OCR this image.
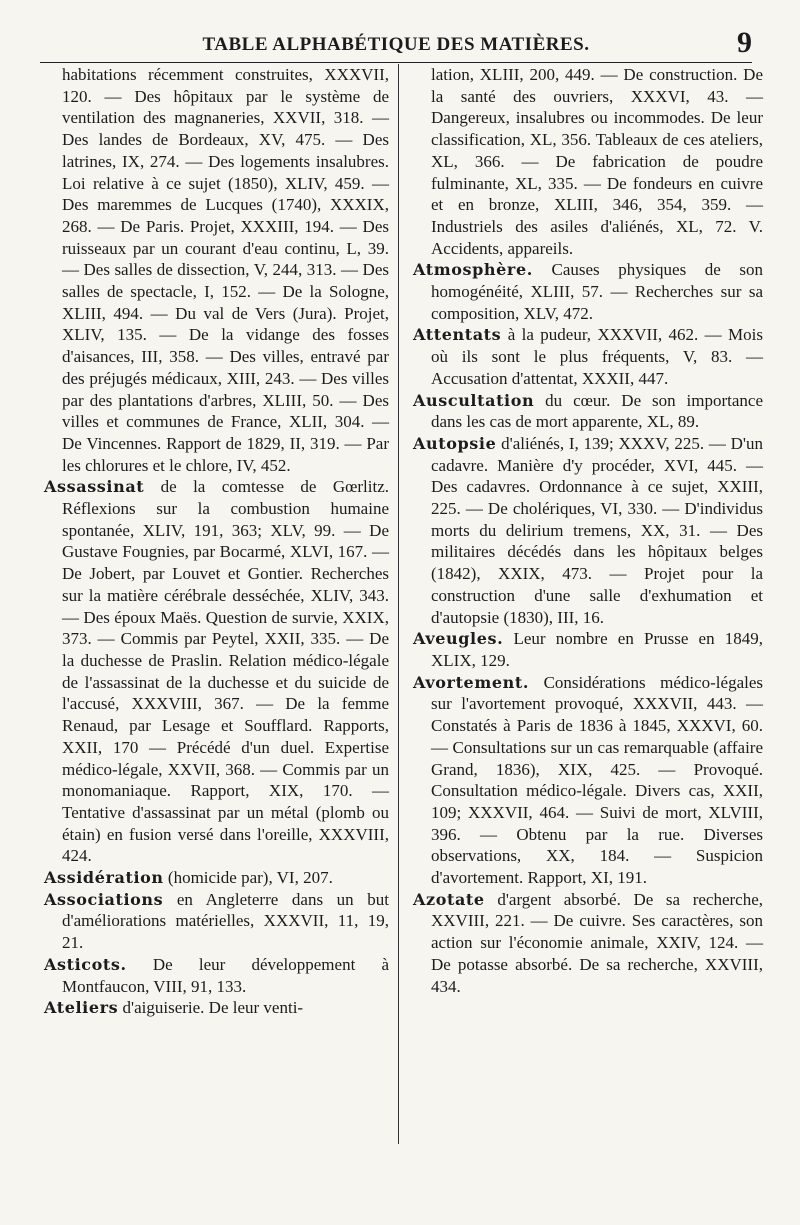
TABLE ALPHABÉTIQUE DES MATIÈRES.	9

habitations récemment construites, XXXVII, 120. — Des hôpitaux par le système de ventilation des magnaneries, XXVII, 318. — Des landes de Bordeaux, XV, 475. — Des latrines, IX, 274. — Des logements insalubres. Loi relative à ce sujet (1850), XLIV, 459. — Des maremmes de Lucques (1740), XXXIX, 268. — De Paris. Projet, XXXIII, 194. — Des ruisseaux par un courant d'eau continu, L, 39. — Des salles de dissection, V, 244, 313. — Des salles de spectacle, I, 152. — De la Sologne, XLIII, 494. — Du val de Vers (Jura). Projet, XLIV, 135. — De la vidange des fosses d'aisances, III, 358. — Des villes, entravé par des préjugés médicaux, XIII, 243. — Des villes par des plantations d'arbres, XLIII, 50. — Des villes et communes de France, XLII, 304. — De Vincennes. Rapport de 1829, II, 319. — Par les chlorures et le chlore, IV, 452.

Assassinat de la comtesse de Gœrlitz. Réflexions sur la combustion humaine spontanée, XLIV, 191, 363; XLV, 99. — De Gustave Fougnies, par Bocarmé, XLVI, 167. — De Jobert, par Louvet et Gontier. Recherches sur la matière cérébrale desséchée, XLIV, 343. — Des époux Maës. Question de survie, XXIX, 373. — Commis par Peytel, XXII, 335. — De la duchesse de Praslin. Relation médico-légale de l'assassinat de la duchesse et du suicide de l'accusé, XXXVIII, 367. — De la femme Renaud, par Lesage et Soufflard. Rapports, XXII, 170 — Précédé d'un duel. Expertise médico-légale, XXVII, 368. — Commis par un monomaniaque. Rapport, XIX, 170. — Tentative d'assassinat par un métal (plomb ou étain) en fusion versé dans l'oreille, XXXVIII, 424.

Assidération (homicide par), VI, 207.

Associations en Angleterre dans un but d'améliorations matérielles, XXXVII, 11, 19, 21.

Asticots. De leur développement à Montfaucon, VIII, 91, 133.

Ateliers d'aiguiserie. De leur venti-

lation, XLIII, 200, 449. — De construction. De la santé des ouvriers, XXXVI, 43. — Dangereux, insalubres ou incommodes. De leur classification, XL, 356. Tableaux de ces ateliers, XL, 366. — De fabrication de poudre fulminante, XL, 335. — De fondeurs en cuivre et en bronze, XLIII, 346, 354, 359. — Industriels des asiles d'aliénés, XL, 72. V. Accidents, appareils.

Atmosphère. Causes physiques de son homogénéité, XLIII, 57. — Recherches sur sa composition, XLV, 472.

Attentats à la pudeur, XXXVII, 462. — Mois où ils sont le plus fréquents, V, 83. — Accusation d'attentat, XXXII, 447.

Auscultation du cœur. De son importance dans les cas de mort apparente, XL, 89.

Autopsie d'aliénés, I, 139; XXXV, 225. — D'un cadavre. Manière d'y procéder, XVI, 445. — Des cadavres. Ordonnance à ce sujet, XXIII, 225. — De cholériques, VI, 330. — D'individus morts du delirium tremens, XX, 31. — Des militaires décédés dans les hôpitaux belges (1842), XXIX, 473. — Projet pour la construction d'une salle d'exhumation et d'autopsie (1830), III, 16.

Aveugles. Leur nombre en Prusse en 1849, XLIX, 129.

Avortement. Considérations médico-légales sur l'avortement provoqué, XXXVII, 443. — Constatés à Paris de 1836 à 1845, XXXVI, 60. — Consultations sur un cas remarquable (affaire Grand, 1836), XIX, 425. — Provoqué. Consultation médico-légale. Divers cas, XXII, 109; XXXVII, 464. — Suivi de mort, XLVIII, 396. — Obtenu par la rue. Diverses observations, XX, 184. — Suspicion d'avortement. Rapport, XI, 191.

Azotate d'argent absorbé. De sa recherche, XXVIII, 221. — De cuivre. Ses caractères, son action sur l'économie animale, XXIV, 124. — De potasse absorbé. De sa recherche, XXVIII, 434.
